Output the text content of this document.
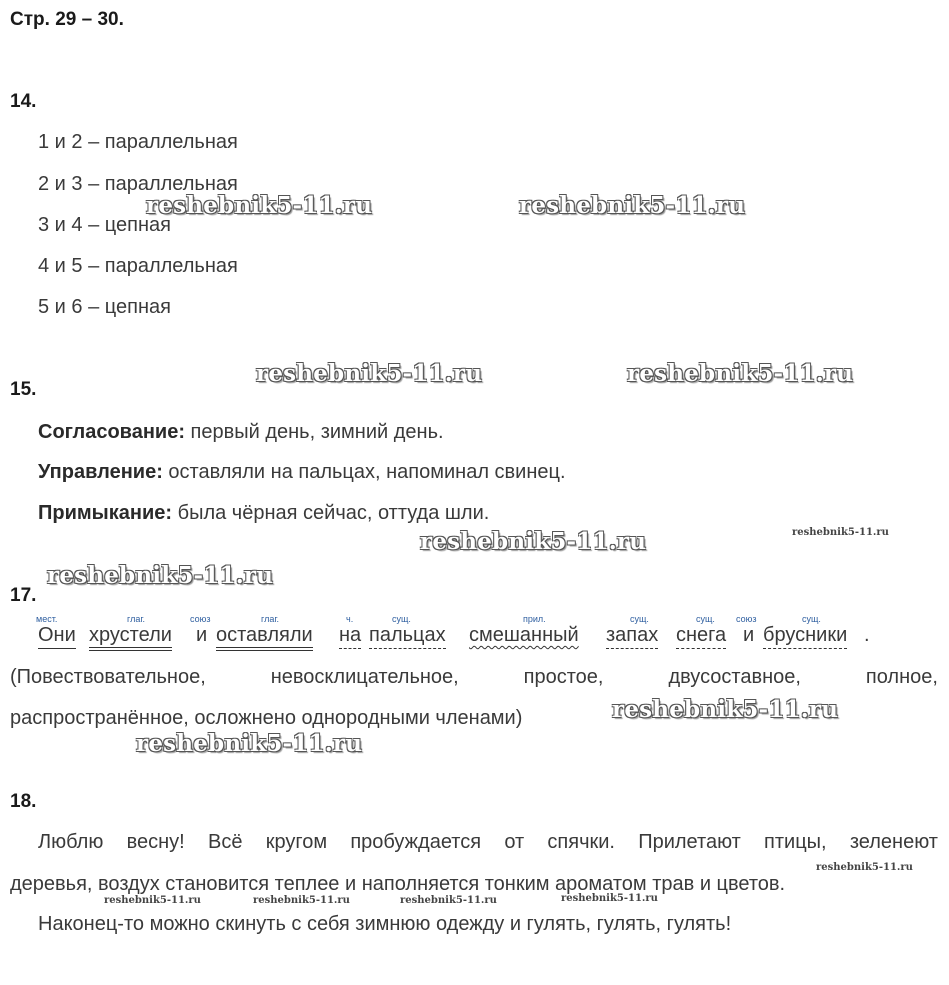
Стр. 29 – 30.
14.
1 и 2 – параллельная
2 и 3 – параллельная
3 и 4 – цепная
4 и 5 – параллельная
5 и 6 – цепная
15.
Согласование: первый день, зимний день.
Управление: оставляли на пальцах, напоминал свинец.
Примыкание: была чёрная сейчас, оттуда шли.
17.
мест.	глаг.	союз	глаг.	ч.	сущ.	прил.	сущ.	сущ. союз	сущ.
Они хрустели и оставляли на пальцах смешанный запах снега и брусники .
(Повествовательное,	невосклицательное,	простое,	двусоставное,	полное,
распространённое, осложнено однородными членами)
18.
Люблю весну! Всё кругом пробуждается от спячки. Прилетают птицы, зеленеют
деревья, воздух становится теплее и наполняется тонким ароматом трав и цветов.
Наконец-то можно скинуть с себя зимнюю одежду и гулять, гулять, гулять!
reshebnik5-11.ru	reshebnik5-11.ru
reshebnik5-11.ru	reshebnik5-11.ru
reshebnik5-11.ru
reshebnik5-11.ru
reshebnik5-11.ru
reshebnik5-11.ru
reshebnik5-11.ru
reshebnik5-11.ru
reshebnik5-11.ru	reshebnik5-11.ru	reshebnik5-11.ru	reshebnik5-11.ru
